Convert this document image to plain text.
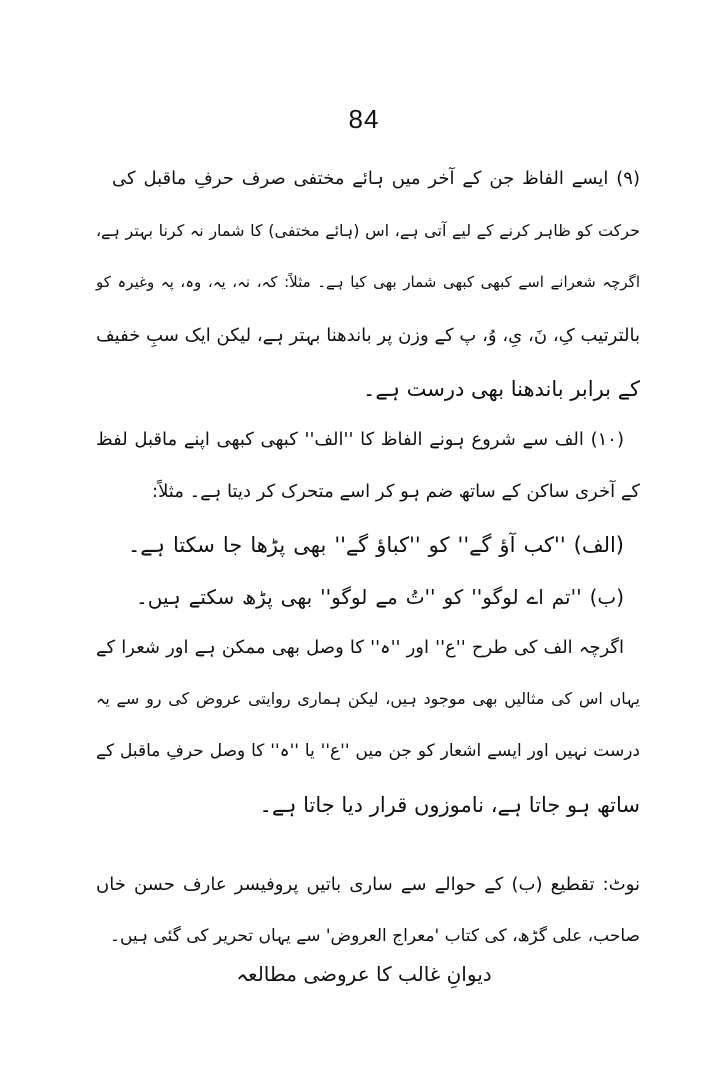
84
(۹) ایسے الفاظ جن کے آخر میں ہائے مختفی صرف حرفِ ماقبل کی
حرکت کو ظاہر کرنے کے لیے آتی ہے، اس (ہائے مختفی) کا شمار نہ کرنا بہتر ہے،
اگرچہ شعرانے اسے کبھی کبھی شمار بھی کیا ہے۔ مثلاً: کہ، نہ، یہ، وہ، پہ وغیرہ کو
بالترتیب کِ، نَ، یِ، وُ، پ کے وزن پر باندھنا بہتر ہے، لیکن ایک سبِ خفیف
کے برابر باندھنا بھی درست ہے۔
(۱۰) الف سے شروع ہونے الفاظ کا ''الف'' کبھی کبھی اپنے ماقبل لفظ
کے آخری ساکن کے ساتھ ضم ہو کر اسے متحرک کر دیتا ہے۔ مثلاً:
(الف) ''کب آؤ گے'' کو ''کباؤ گے'' بھی پڑھا جا سکتا ہے۔
(ب) ''تم اے لوگو'' کو ''تُ مے لوگو'' بھی پڑھ سکتے ہیں۔
اگرچہ الف کی طرح ''ع'' اور ''ہ'' کا وصل بھی ممکن ہے اور شعرا کے
یہاں اس کی مثالیں بھی موجود ہیں، لیکن ہماری روایتی عروض کی رو سے یہ
درست نہیں اور ایسے اشعار کو جن میں ''ع'' یا ''ہ'' کا وصل حرفِ ماقبل کے
ساتھ ہو جاتا ہے، ناموزوں قرار دیا جاتا ہے۔
نوٹ: تقطیع (ب) کے حوالے سے ساری باتیں پروفیسر عارف حسن خاں
صاحب، علی گڑھ، کی کتاب 'معراج العروض' سے یہاں تحریر کی گئی ہیں۔
دیوانِ غالب کا عروضی مطالعہ
